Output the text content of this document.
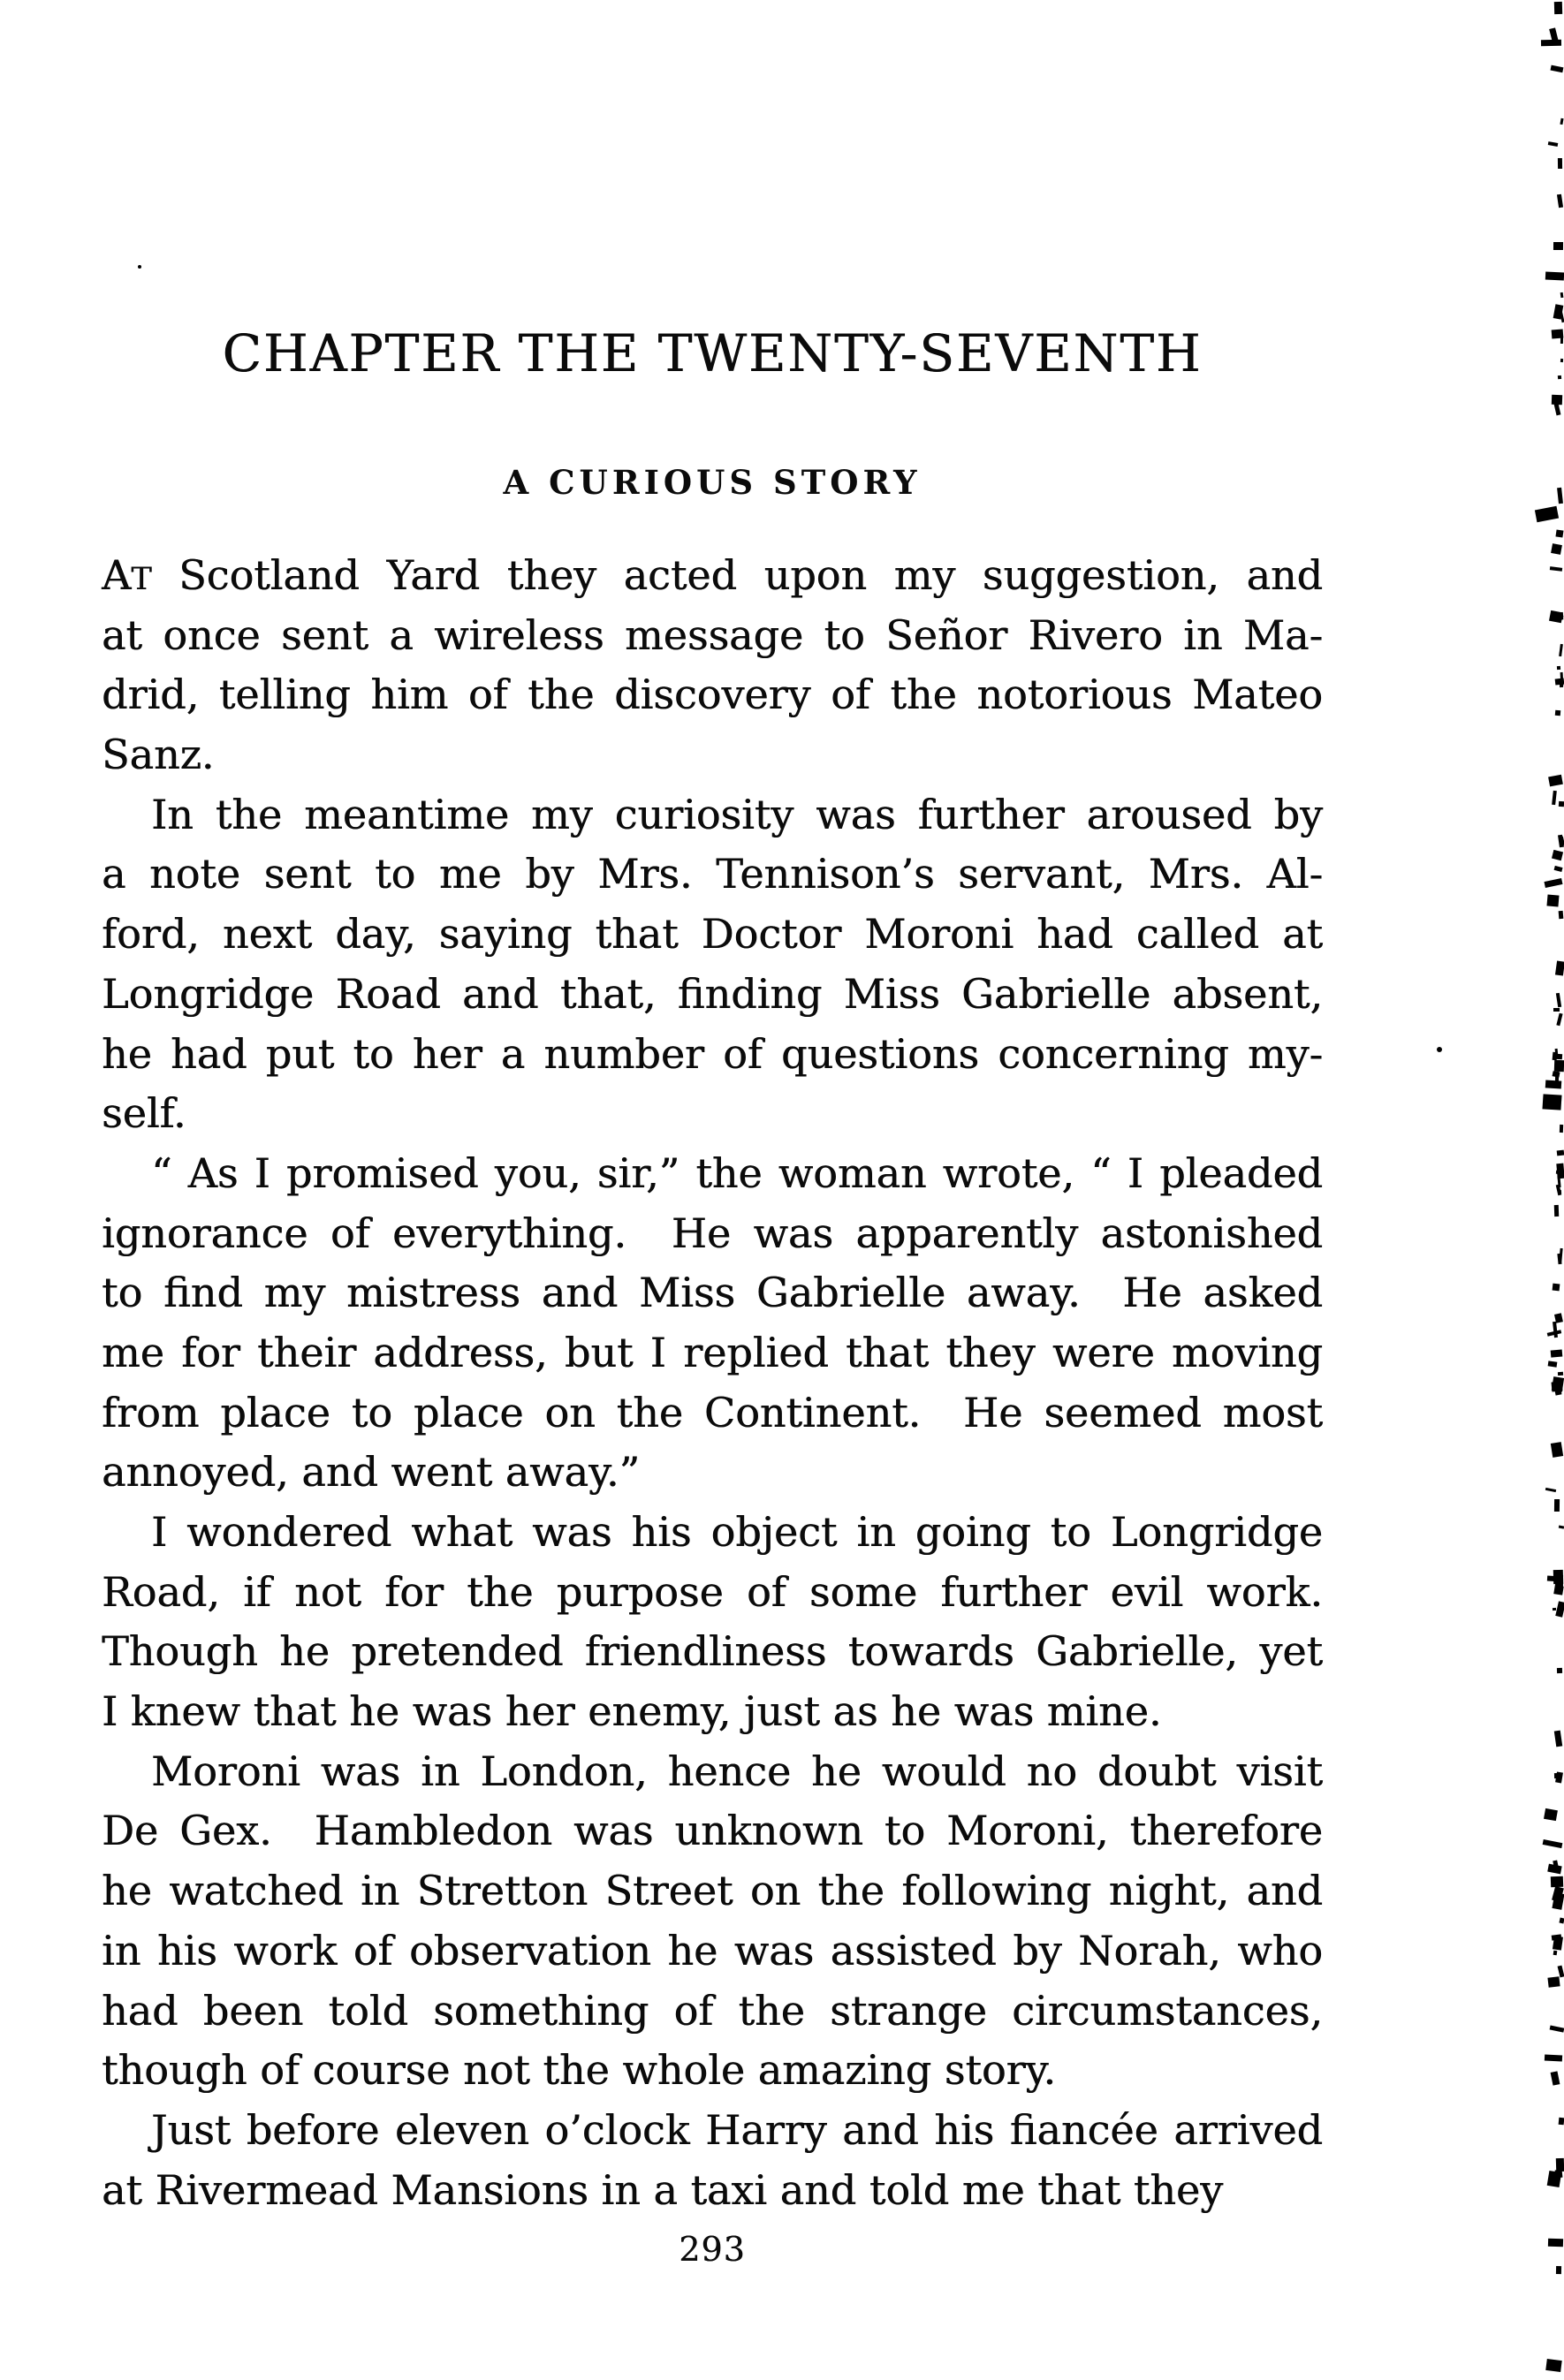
CHAPTER THE TWENTY-SEVENTH
A CURIOUS STORY
AT Scotland Yard they acted upon my suggestion, and
at once sent a wireless message to Señor Rivero in Ma-
drid, telling him of the discovery of the notorious Mateo
Sanz.
In the meantime my curiosity was further aroused by
a note sent to me by Mrs. Tennison’s servant, Mrs. Al-
ford, next day, saying that Doctor Moroni had called at
Longridge Road and that, finding Miss Gabrielle absent,
he had put to her a number of questions concerning my-
self.
“ As I promised you, sir,” the woman wrote, “ I pleaded
ignorance of everything.  He was apparently astonished
to find my mistress and Miss Gabrielle away.  He asked
me for their address, but I replied that they were moving
from place to place on the Continent.  He seemed most
annoyed, and went away.”
I wondered what was his object in going to Longridge
Road, if not for the purpose of some further evil work.
Though he pretended friendliness towards Gabrielle, yet
I knew that he was her enemy, just as he was mine.
Moroni was in London, hence he would no doubt visit
De Gex.  Hambledon was unknown to Moroni, therefore
he watched in Stretton Street on the following night, and
in his work of observation he was assisted by Norah, who
had been told something of the strange circumstances,
though of course not the whole amazing story.
Just before eleven o’clock Harry and his fiancée arrived
at Rivermead Mansions in a taxi and told me that they
293
